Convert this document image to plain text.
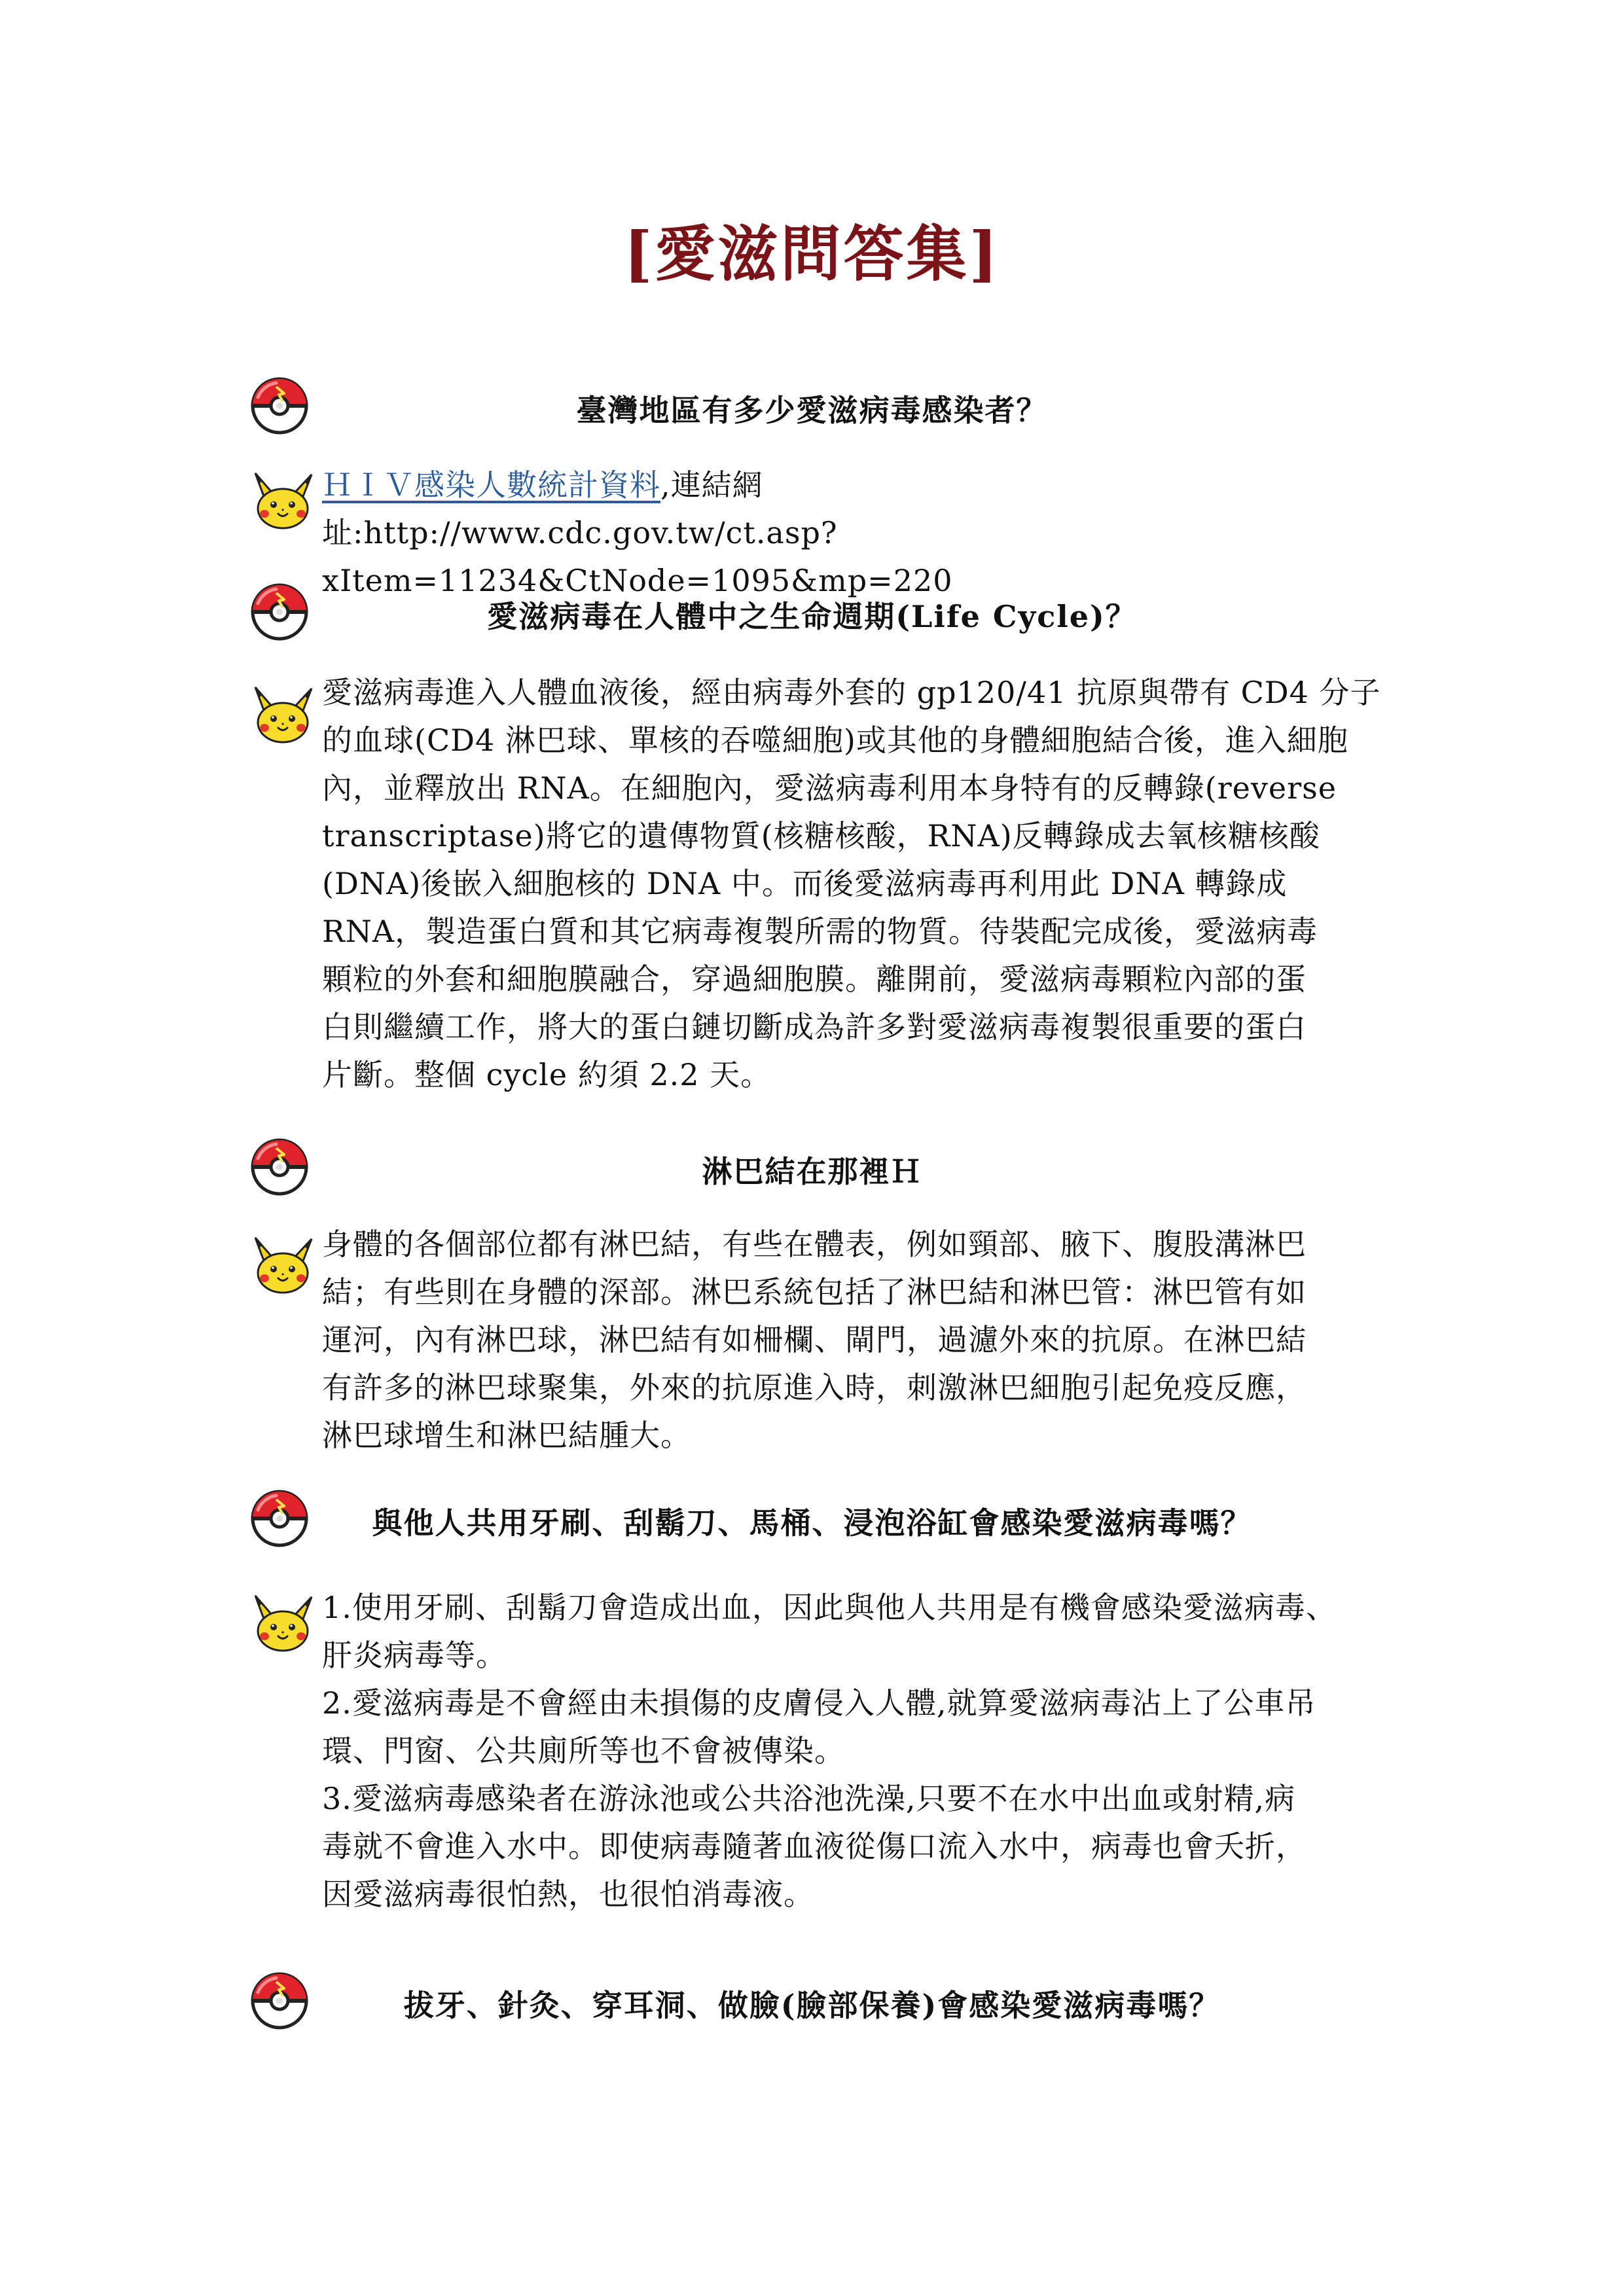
[愛滋問答集]
臺灣地區有多少愛滋病毒感染者？

ＨＩＶ感染人數統計資料,連結網

址:http://www.cdc.gov.tw/ct.asp?xItem=11234&CtNode=1095&mp=220

愛滋病毒在人體中之生命週期(Life Cycle)？

愛滋病毒進入人體血液後，經由病毒外套的 gp120/41 抗原與帶有 CD4 分子

的血球(CD4 淋巴球、單核的吞噬細胞)或其他的身體細胞結合後，進入細胞

內，並釋放出 RNA。在細胞內，愛滋病毒利用本身特有的反轉錄(reverse

transcriptase)將它的遺傳物質(核糖核酸，RNA)反轉錄成去氧核糖核酸

(DNA)後嵌入細胞核的 DNA 中。而後愛滋病毒再利用此 DNA 轉錄成

RNA，製造蛋白質和其它病毒複製所需的物質。待裝配完成後，愛滋病毒

顆粒的外套和細胞膜融合，穿過細胞膜。離開前，愛滋病毒顆粒內部的蛋

白則繼續工作，將大的蛋白鏈切斷成為許多對愛滋病毒複製很重要的蛋白

片斷。整個 cycle 約須 2.2 天。

淋巴結在那裡Ｈ

身體的各個部位都有淋巴結，有些在體表，例如頸部、腋下、腹股溝淋巴

結；有些則在身體的深部。淋巴系統包括了淋巴結和淋巴管：淋巴管有如

運河，內有淋巴球，淋巴結有如柵欄、閘門，過濾外來的抗原。在淋巴結

有許多的淋巴球聚集，外來的抗原進入時，刺激淋巴細胞引起免疫反應，

淋巴球增生和淋巴結腫大。

與他人共用牙刷、刮鬍刀、馬桶、浸泡浴缸會感染愛滋病毒嗎？

1.使用牙刷、刮鬍刀會造成出血，因此與他人共用是有機會感染愛滋病毒、

肝炎病毒等。

2.愛滋病毒是不會經由未損傷的皮膚侵入人體,就算愛滋病毒沾上了公車吊

環、門窗、公共廁所等也不會被傳染。

3.愛滋病毒感染者在游泳池或公共浴池洗澡,只要不在水中出血或射精,病

毒就不會進入水中。即使病毒隨著血液從傷口流入水中，病毒也會夭折，

因愛滋病毒很怕熱，也很怕消毒液。

拔牙、針灸、穿耳洞、做臉(臉部保養)會感染愛滋病毒嗎？
